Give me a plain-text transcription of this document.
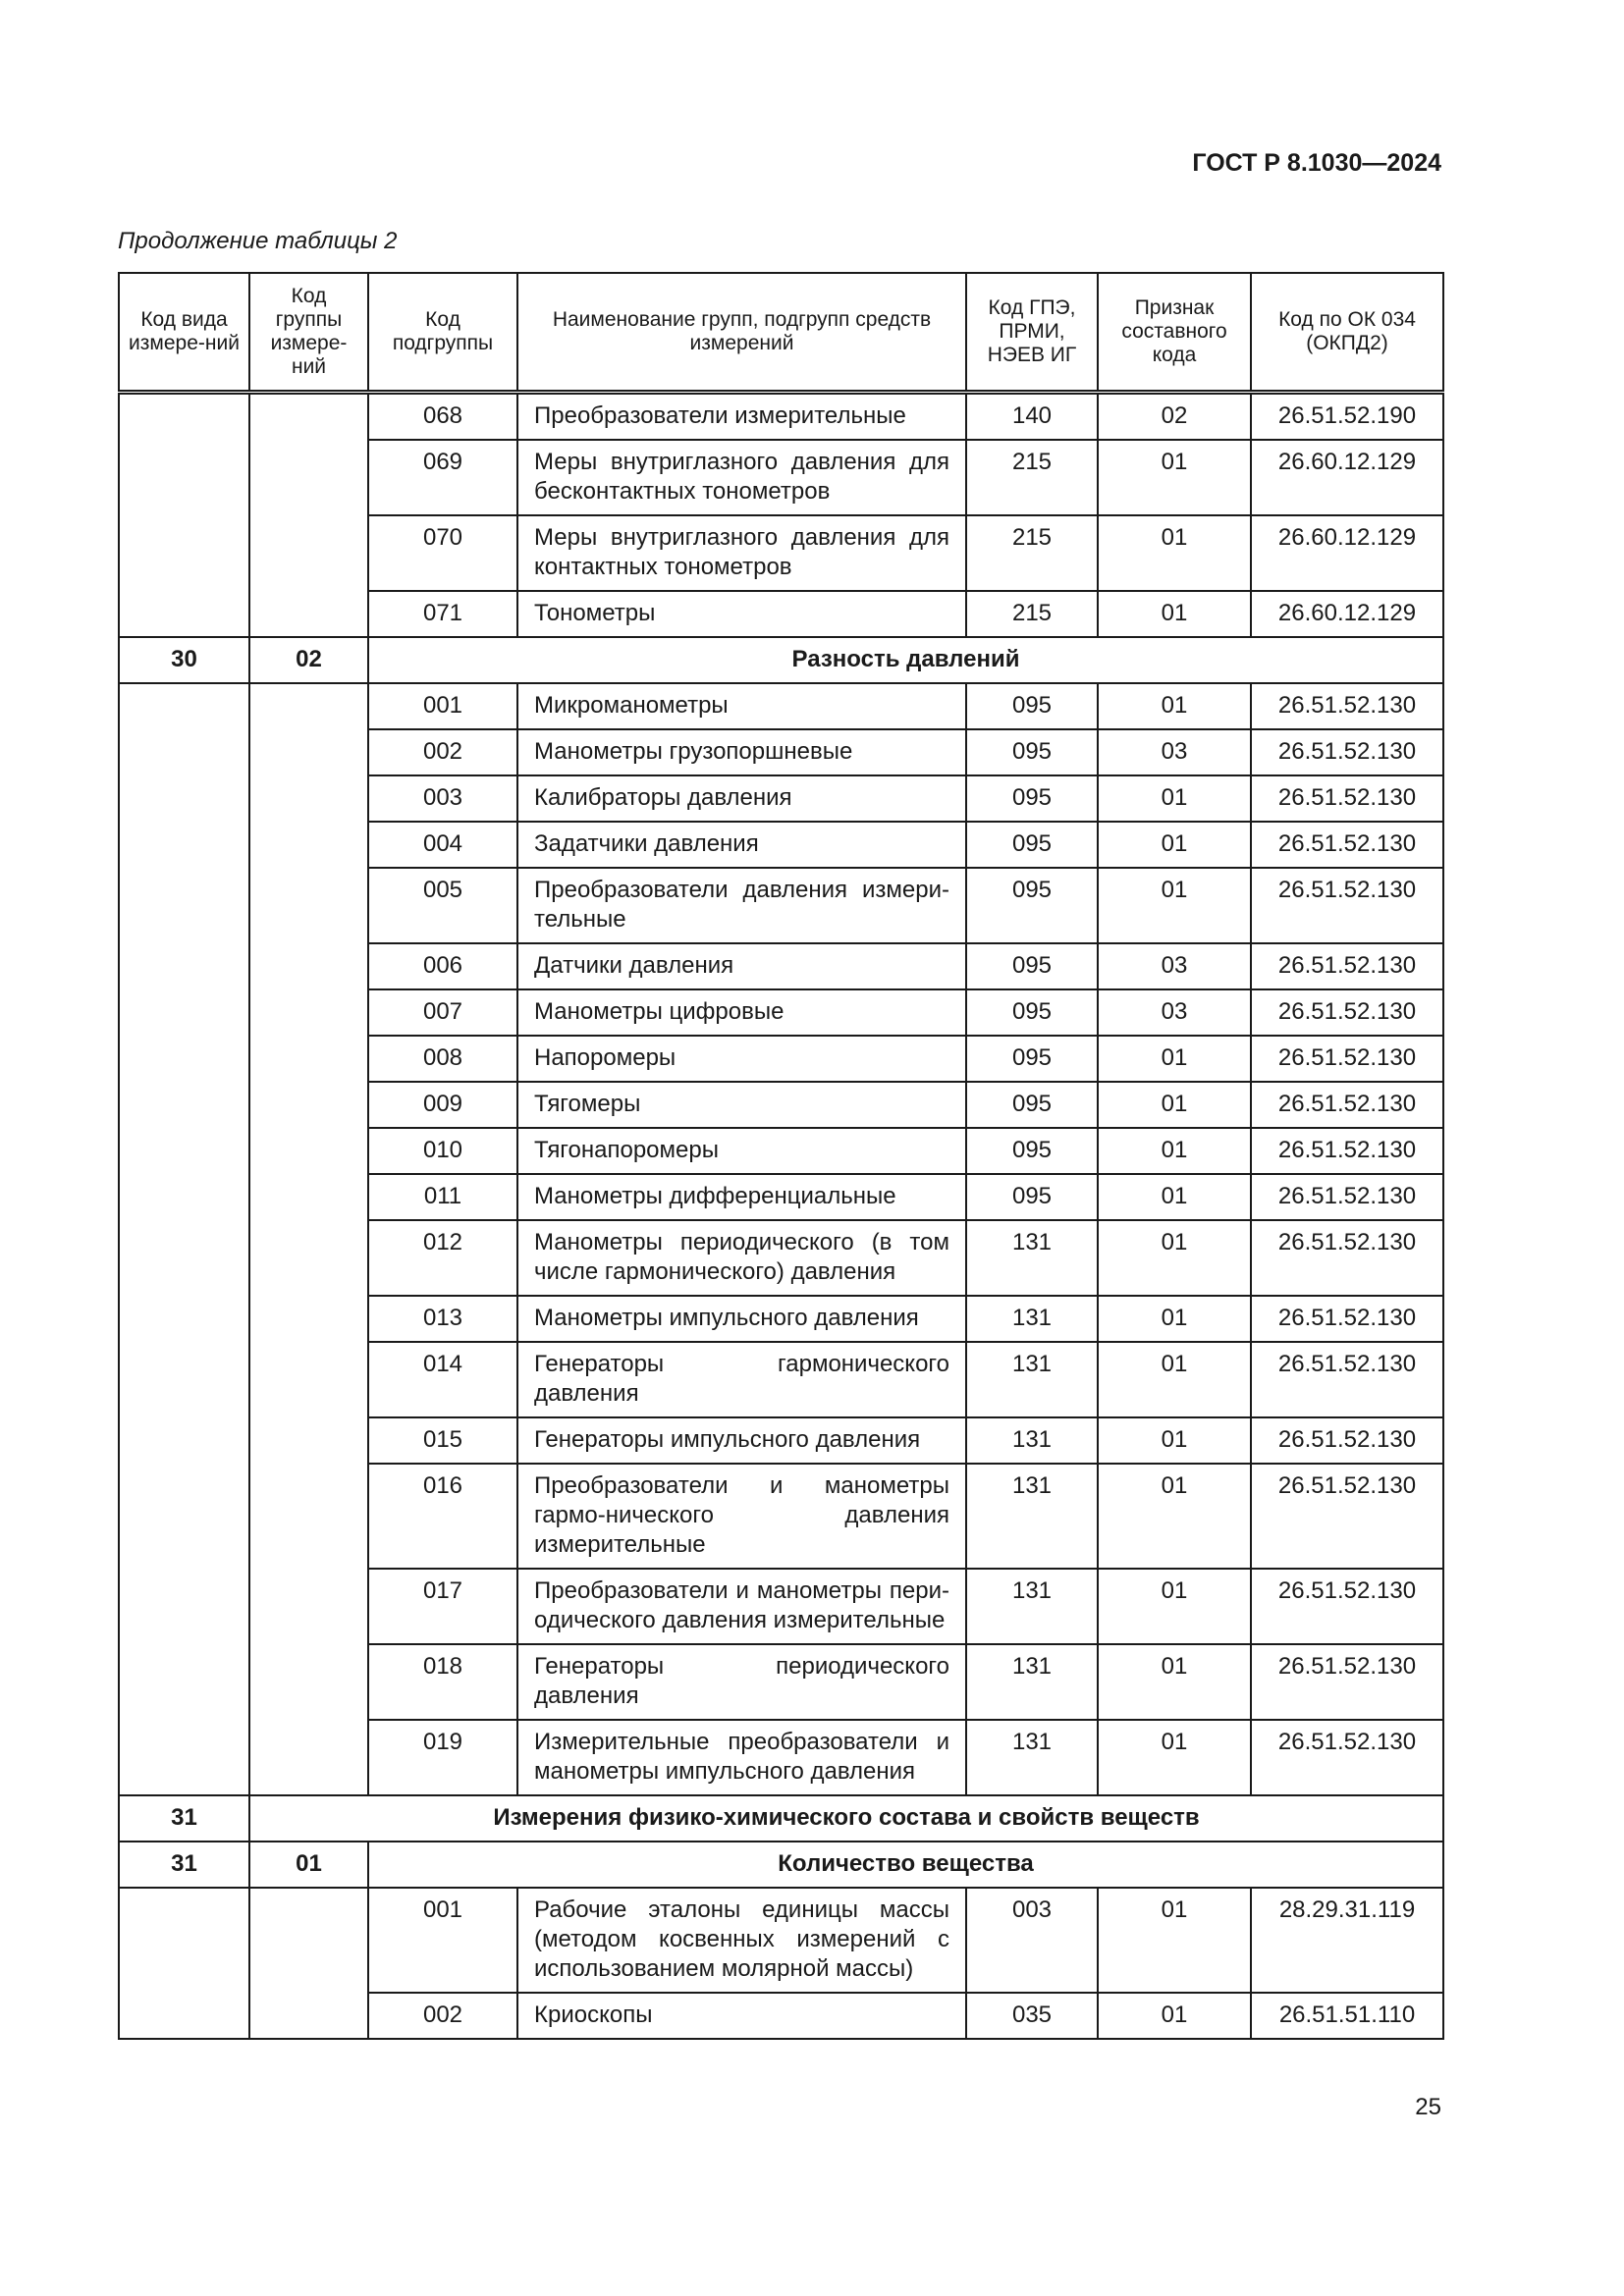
ГОСТ Р 8.1030—2024
Продолжение таблицы 2
Код вида измере-ний	Код группы измере-ний	Код подгруппы	Наименование групп, подгрупп средств измерений	Код ГПЭ, ПРМИ, НЭЕВ ИГ	Признак составного кода	Код по ОК 034 (ОКПД2)
		068	Преобразователи измерительные	140	02	26.51.52.190
		069	Меры внутриглазного давления для бесконтактных тонометров	215	01	26.60.12.129
		070	Меры внутриглазного давления для контактных тонометров	215	01	26.60.12.129
		071	Тонометры	215	01	26.60.12.129
30	02	Разность давлений				
		001	Микроманометры	095	01	26.51.52.130
		002	Манометры грузопоршневые	095	03	26.51.52.130
		003	Калибраторы давления	095	01	26.51.52.130
		004	Задатчики давления	095	01	26.51.52.130
		005	Преобразователи давления измери-тельные	095	01	26.51.52.130
		006	Датчики давления	095	03	26.51.52.130
		007	Манометры цифровые	095	03	26.51.52.130
		008	Напоромеры	095	01	26.51.52.130
		009	Тягомеры	095	01	26.51.52.130
		010	Тягонапоромеры	095	01	26.51.52.130
		011	Манометры дифференциальные	095	01	26.51.52.130
		012	Манометры периодического (в том числе гармонического) давления	131	01	26.51.52.130
		013	Манометры импульсного давления	131	01	26.51.52.130
		014	Генераторы гармонического давления	131	01	26.51.52.130
		015	Генераторы импульсного давления	131	01	26.51.52.130
		016	Преобразователи и манометры гармо-нического давления измерительные	131	01	26.51.52.130
		017	Преобразователи и манометры пери-одического давления измерительные	131	01	26.51.52.130
		018	Генераторы периодического давления	131	01	26.51.52.130
		019	Измерительные преобразователи и манометры импульсного давления	131	01	26.51.52.130
31	Измерения физико-химического состава и свойств веществ					
31	01	Количество вещества				
		001	Рабочие эталоны единицы массы (методом косвенных измерений с использованием молярной массы)	003	01	28.29.31.119
		002	Криоскопы	035	01	26.51.51.110
25
